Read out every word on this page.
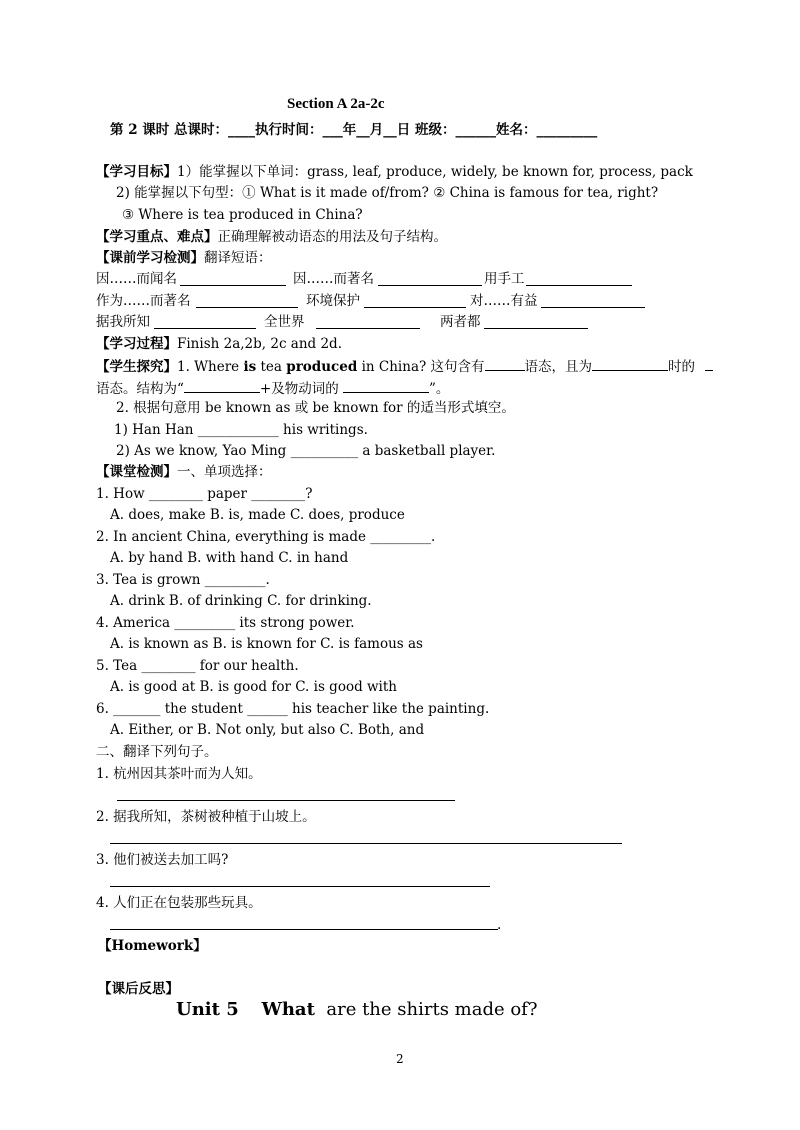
Section A 2a-2c
第 2 课时 总课时：____执行时间：___年__月__日 班级：______姓名：_________
【学习目标】1）能掌握以下单词：grass, leaf, produce, widely, be known for, process, pack
2) 能掌握以下句型：① What is it made of/from? ② China is famous for tea, right?
③ Where is tea produced in China?
【学习重点、难点】正确理解被动语态的用法及句子结构。
【课前学习检测】翻译短语：
因……而闻名	因……而著名	用手工
作为……而著名	环境保护	对……有益
据我所知	全世界	两者都
【学习过程】Finish 2a,2b, 2c and 2d.
【学生探究】1. Where is tea produced in China? 这句含有	语态，且为	时的
语态。结构为“	+及物动词的	”。
2. 根据句意用 be known as 或 be known for 的适当形式填空。
1) Han Han ____________ his writings.
2) As we know, Yao Ming __________ a basketball player.
【课堂检测】一、单项选择：
1. How ________ paper ________?
A. does, make B. is, made C. does, produce
2. In ancient China, everything is made _________.
A. by hand B. with hand C. in hand
3. Tea is grown _________.
A. drink B. of drinking C. for drinking.
4. America _________ its strong power.
A. is known as B. is known for C. is famous as
5. Tea ________ for our health.
A. is good at B. is good for C. is good with
6. _______ the student ______ his teacher like the painting.
A. Either, or B. Not only, but also C. Both, and
二、翻译下列句子。
1. 杭州因其茶叶而为人知。
2. 据我所知，茶树被种植于山坡上。
3. 他们被送去加工吗?
4. 人们正在包装那些玩具。
.
【Homework】
【课后反思】
Unit 5 What are the shirts made of?
2
